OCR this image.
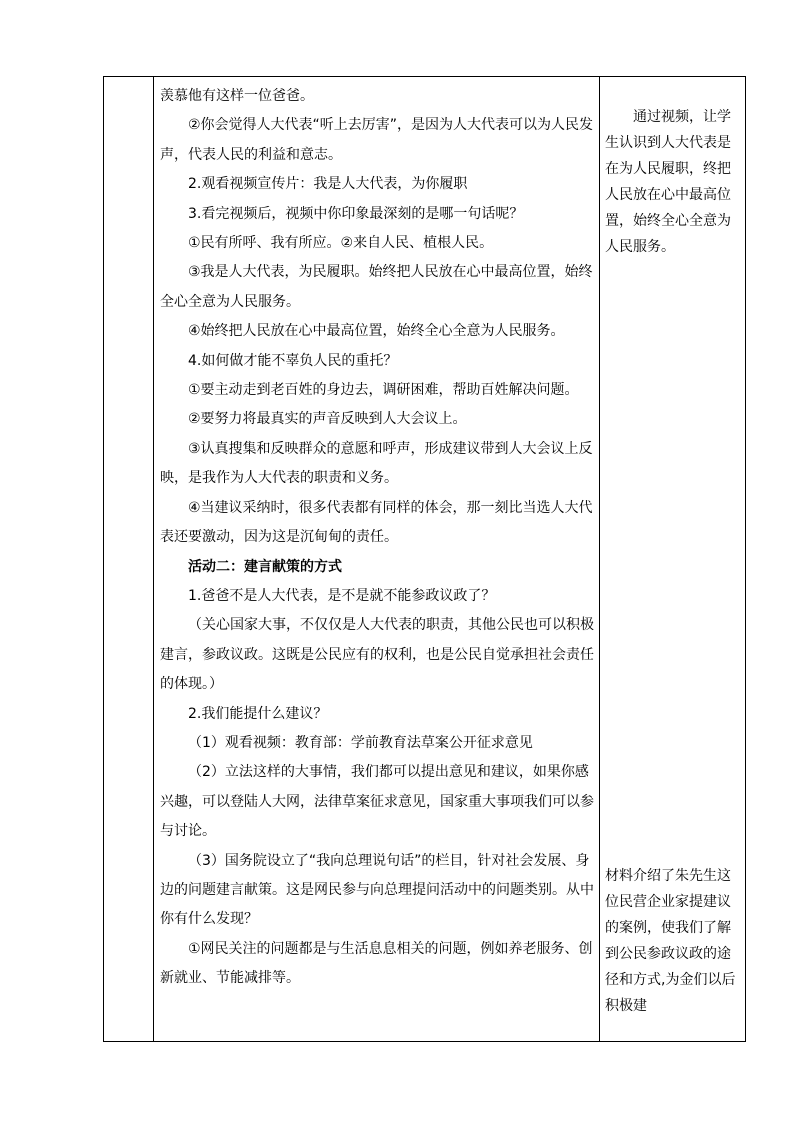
羡慕他有这样一位爸爸。

②你会觉得人大代表“听上去厉害”，是因为人大代表可以为人民发声，代表人民的利益和意志。

2.观看视频宣传片：我是人大代表，为你履职

3.看完视频后，视频中你印象最深刻的是哪一句话呢？

①民有所呼、我有所应。②来自人民、植根人民。

③我是人大代表，为民履职。始终把人民放在心中最高位置，始终全心全意为人民服务。

④始终把人民放在心中最高位置，始终全心全意为人民服务。

4.如何做才能不辜负人民的重托？

①要主动走到老百姓的身边去，调研困难，帮助百姓解决问题。

②要努力将最真实的声音反映到人大会议上。

③认真搜集和反映群众的意愿和呼声，形成建议带到人大会议上反映，是我作为人大代表的职责和义务。

④当建议采纳时，很多代表都有同样的体会，那一刻比当选人大代表还要激动，因为这是沉甸甸的责任。

活动二：建言献策的方式

1.爸爸不是人大代表，是不是就不能参政议政了？

（关心国家大事，不仅仅是人大代表的职责，其他公民也可以积极建言，参政议政。这既是公民应有的权利，也是公民自觉承担社会责任的体现。）

2.我们能提什么建议？

（1）观看视频：教育部：学前教育法草案公开征求意见

（2）立法这样的大事情，我们都可以提出意见和建议，如果你感兴趣，可以登陆人大网，法律草案征求意见，国家重大事项我们可以参与讨论。

（3）国务院设立了“我向总理说句话”的栏目，针对社会发展、身边的问题建言献策。这是网民参与向总理提问活动中的问题类别。从中你有什么发现？

①网民关注的问题都是与生活息息相关的问题，例如养老服务、创新就业、节能减排等。

通过视频，让学生认识到人大代表是在为人民履职，终把人民放在心中最高位置，始终全心全意为人民服务。

材料介绍了朱先生这位民营企业家提建议的案例，使我们了解到公民参政议政的途径和方式,为金们以后积极建
